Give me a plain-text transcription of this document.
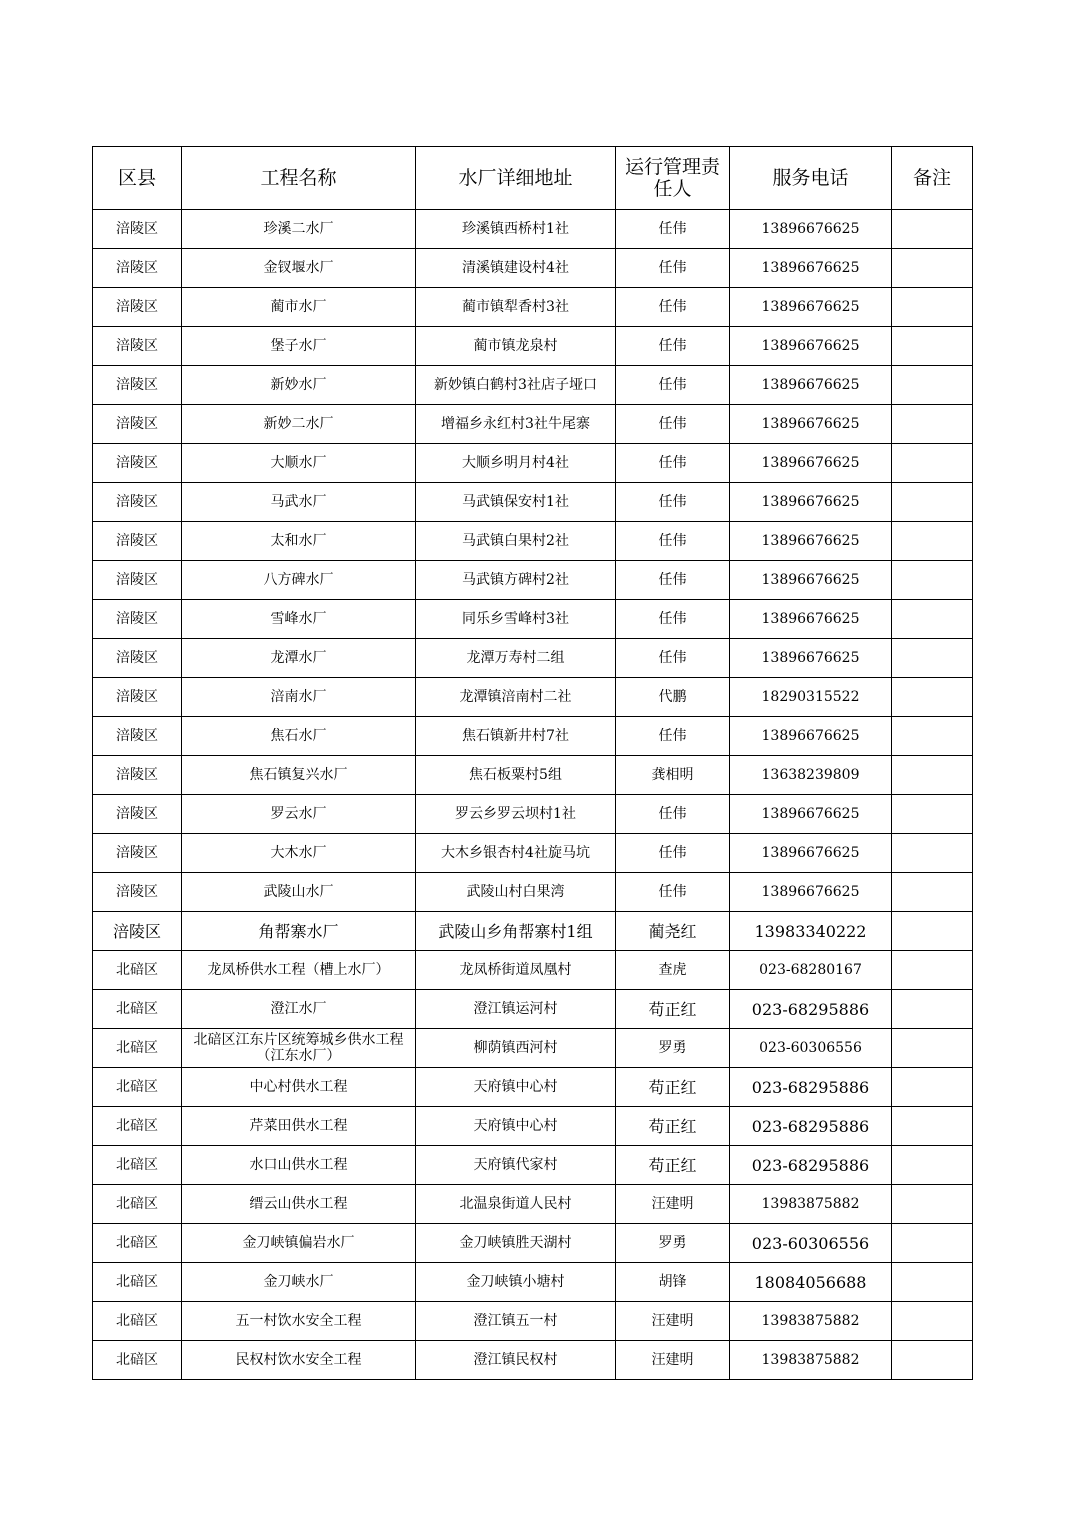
区县	工程名称	水厂详细地址	运行管理责任人	服务电话	备注
涪陵区	珍溪二水厂	珍溪镇西桥村1社	任伟	13896676625	
涪陵区	金钗堰水厂	清溪镇建设村4社	任伟	13896676625	
涪陵区	蔺市水厂	蔺市镇犁香村3社	任伟	13896676625	
涪陵区	堡子水厂	蔺市镇龙泉村	任伟	13896676625	
涪陵区	新妙水厂	新妙镇白鹤村3社店子垭口	任伟	13896676625	
涪陵区	新妙二水厂	增福乡永红村3社牛尾寨	任伟	13896676625	
涪陵区	大顺水厂	大顺乡明月村4社	任伟	13896676625	
涪陵区	马武水厂	马武镇保安村1社	任伟	13896676625	
涪陵区	太和水厂	马武镇白果村2社	任伟	13896676625	
涪陵区	八方碑水厂	马武镇方碑村2社	任伟	13896676625	
涪陵区	雪峰水厂	同乐乡雪峰村3社	任伟	13896676625	
涪陵区	龙潭水厂	龙潭万寿村二组	任伟	13896676625	
涪陵区	涪南水厂	龙潭镇涪南村二社	代鹏	18290315522	
涪陵区	焦石水厂	焦石镇新井村7社	任伟	13896676625	
涪陵区	焦石镇复兴水厂	焦石板粟村5组	龚相明	13638239809	
涪陵区	罗云水厂	罗云乡罗云坝村1社	任伟	13896676625	
涪陵区	大木水厂	大木乡银杏村4社旋马坑	任伟	13896676625	
涪陵区	武陵山水厂	武陵山村白果湾	任伟	13896676625	
涪陵区	角帮寨水厂	武陵山乡角帮寨村1组	蔺尧红	13983340222	
北碚区	龙凤桥供水工程（槽上水厂）	龙凤桥街道凤凰村	查虎	023-68280167	
北碚区	澄江水厂	澄江镇运河村	苟正红	023-68295886	
北碚区	北碚区江东片区统筹城乡供水工程（江东水厂）	柳荫镇西河村	罗勇	023-60306556	
北碚区	中心村供水工程	天府镇中心村	苟正红	023-68295886	
北碚区	芹菜田供水工程	天府镇中心村	苟正红	023-68295886	
北碚区	水口山供水工程	天府镇代家村	苟正红	023-68295886	
北碚区	缙云山供水工程	北温泉街道人民村	汪建明	13983875882	
北碚区	金刀峡镇偏岩水厂	金刀峡镇胜天湖村	罗勇	023-60306556	
北碚区	金刀峡水厂	金刀峡镇小塘村	胡锋	18084056688	
北碚区	五一村饮水安全工程	澄江镇五一村	汪建明	13983875882	
北碚区	民权村饮水安全工程	澄江镇民权村	汪建明	13983875882	
